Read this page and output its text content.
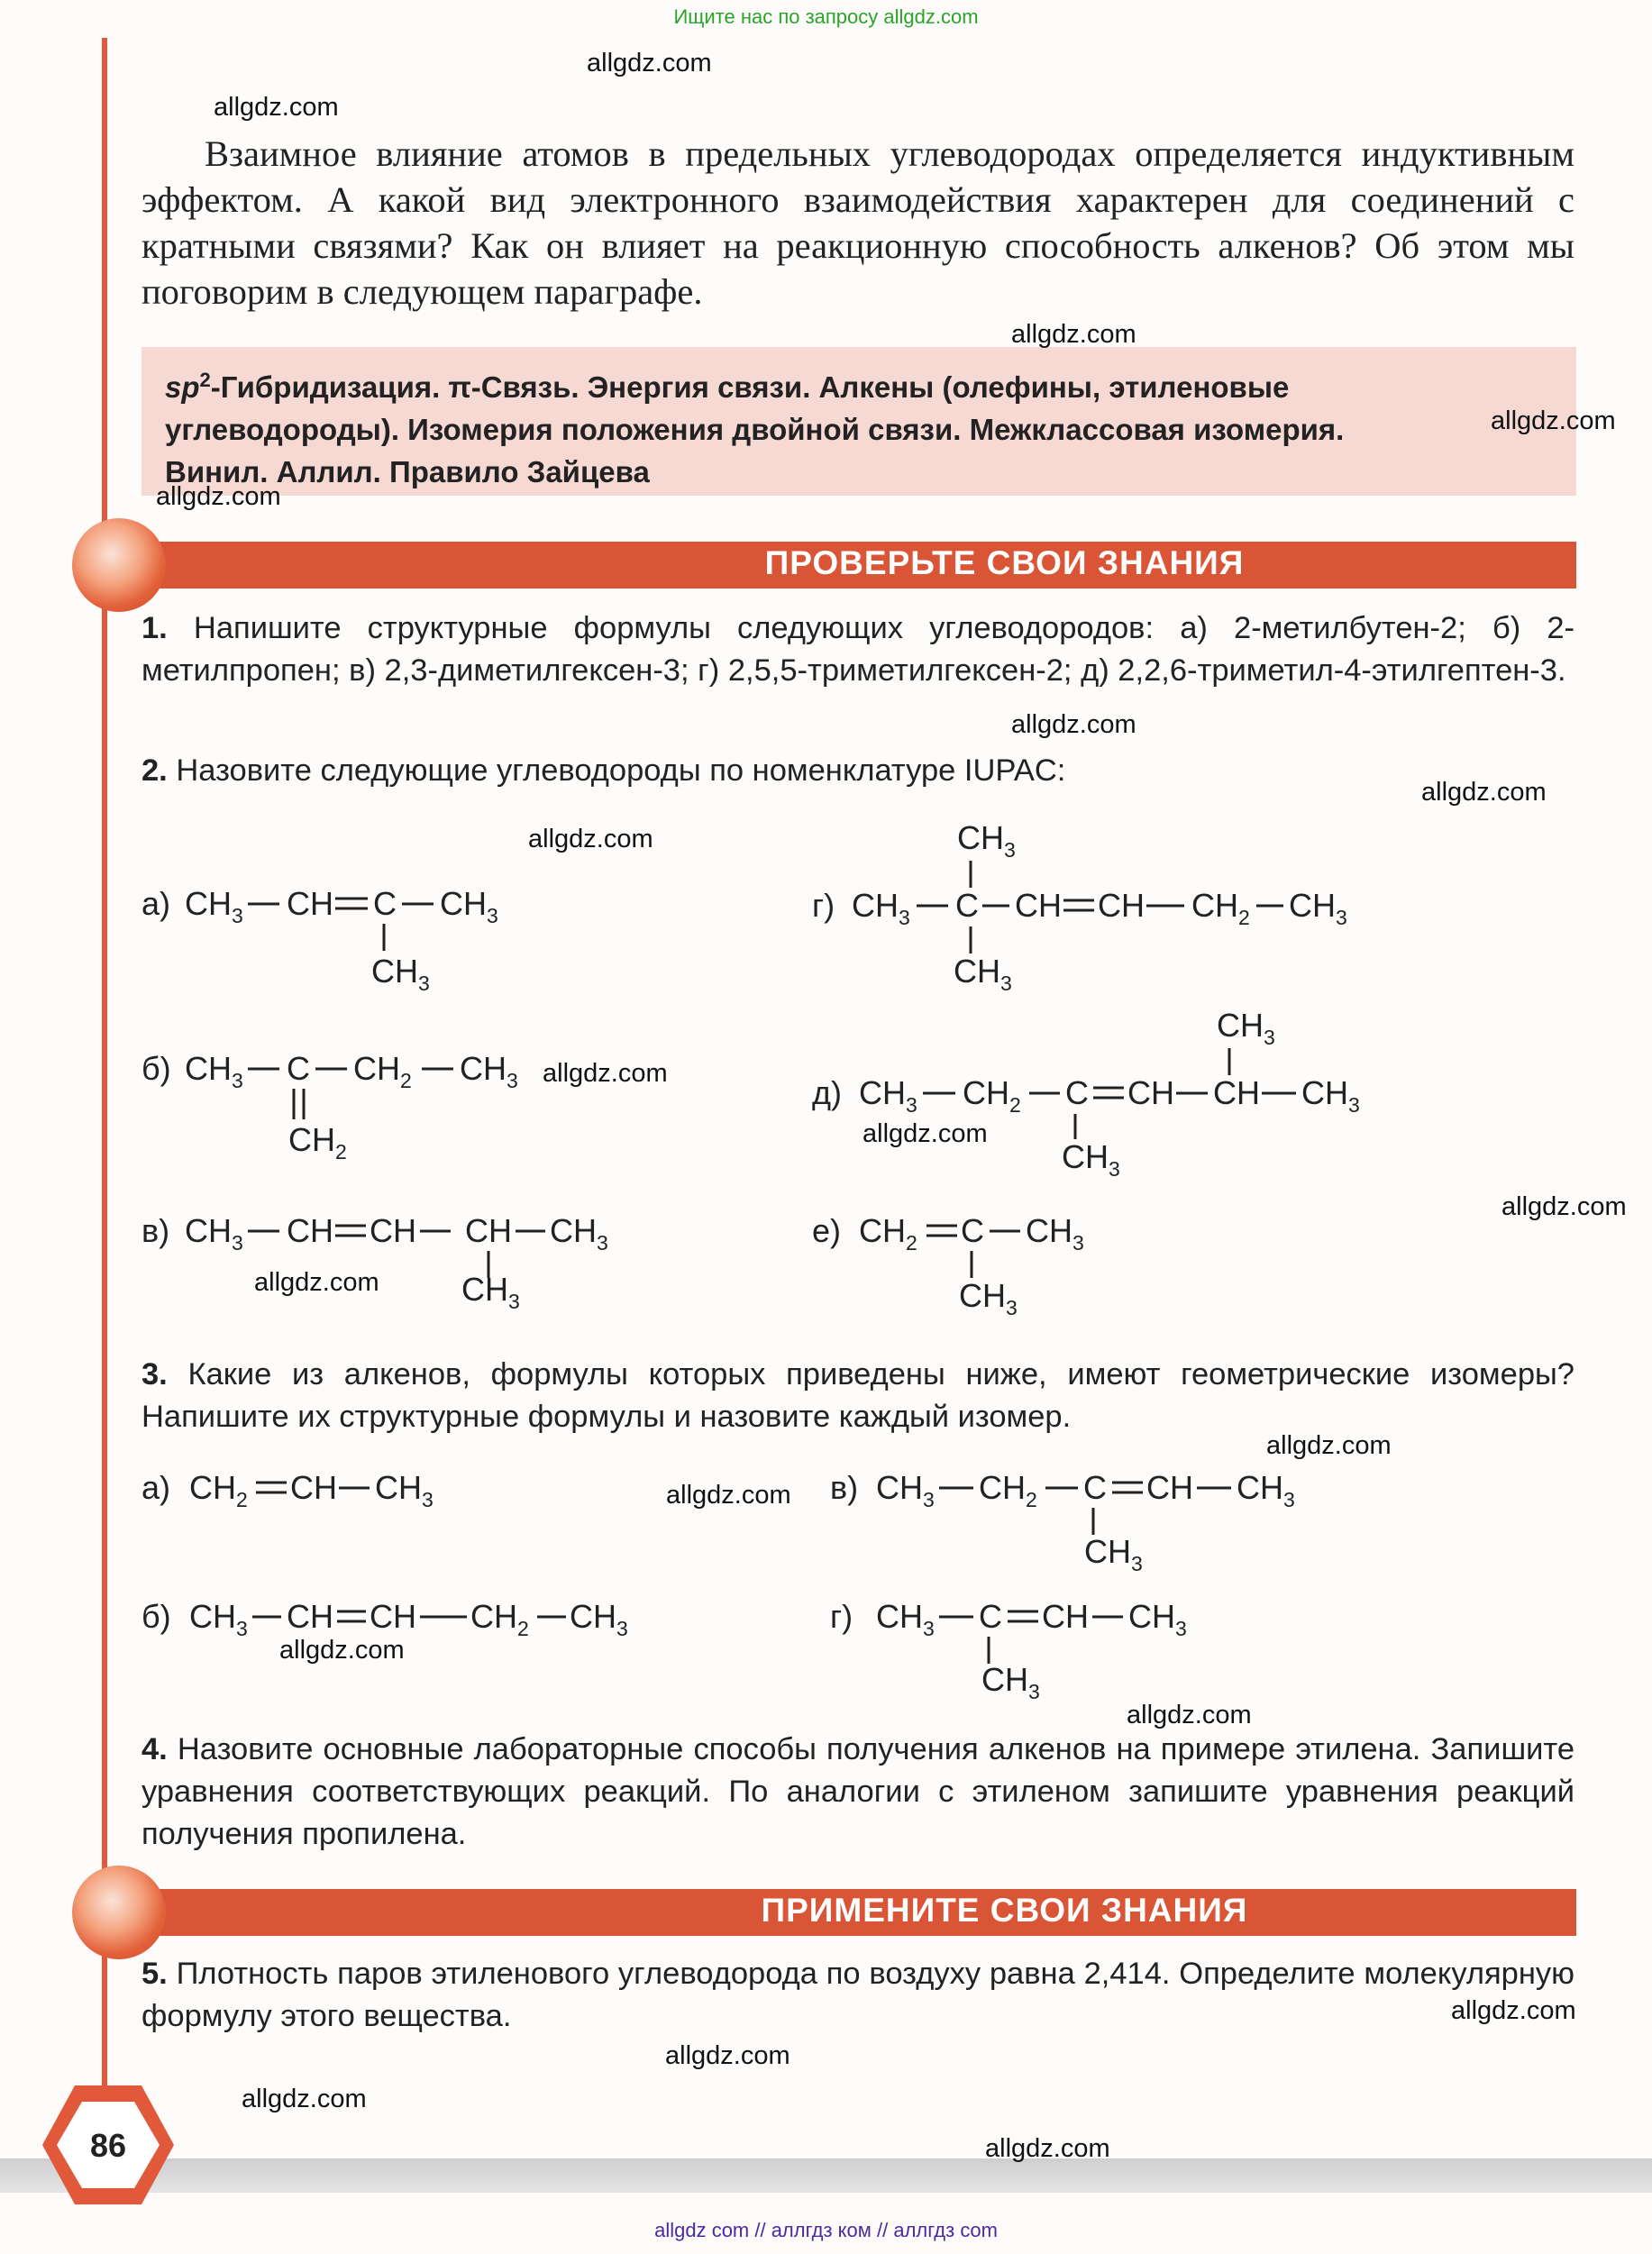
Ищите нас по запросу allgdz.com
allgdz com // аллгдз ком // аллгдз сom
Взаимное влияние атомов в предельных углеводородах определяется индуктивным эффектом. А какой вид электронного взаимодействия характерен для соединений с кратными связями? Как он влияет на реакционную способность алкенов? Об этом мы поговорим в следующем параграфе.
$sp^2$-Гибридизация. π-Связь. Энергия связи. Алкены (олефины, этиленовые углеводороды). Изомерия положения двойной связи. Межклассовая изомерия. Винил. Аллил. Правило Зайцева
ПРОВЕРЬТЕ СВОИ ЗНАНИЯ
1. Напишите структурные формулы следующих углеводородов: а) 2-метилбутен-2; б) 2-метилпропен; в) 2,3-диметилгексен-3; г) 2,5,5-триметилгексен-2; д) 2,2,6-триметил-4-этилгептен-3.
2. Назовите следующие углеводороды по номенклатуре IUPAC:
а) $CH_3$ CH C $CH_3$
$CH_3$
б) $CH_3$ C $CH_2$ $CH_3$
$CH_2$
в) $CH_3$ CH CH CH $CH_3$
$CH_3$
$CH_3$
г) $CH_3$ C CH CH $CH_2$ $CH_3$
$CH_3$
$CH_3$
д) $CH_3$ $CH_2$ C CH CH $CH_3$
$CH_3$
е) $CH_2$ C $CH_3$
$CH_3$
а) $CH_2$ CH $CH_3$
б) $CH_3$ CH CH $CH_2$ $CH_3$
в) $CH_3$ $CH_2$ C CH $CH_3$
$CH_3$
г) $CH_3$ C CH $CH_3$
$CH_3$
3. Какие из алкенов, формулы которых приведены ниже, имеют геометрические изомеры? Напишите их структурные формулы и назовите каждый изомер.
4. Назовите основные лабораторные способы получения алкенов на примере этилена. Запишите уравнения соответствующих реакций. По аналогии с этиленом запишите уравнения реакций получения пропилена.
ПРИМЕНИТЕ СВОИ ЗНАНИЯ
5. Плотность паров этиленового углеводорода по воздуху равна 2,414. Определите молекулярную формулу этого вещества.
86
allgdz.com
allgdz.com
allgdz.com
allgdz.com
allgdz.com
allgdz.com
allgdz.com
allgdz.com
allgdz.com
allgdz.com
allgdz.com
allgdz.com
allgdz.com
allgdz.com
allgdz.com
allgdz.com
allgdz.com
allgdz.com
allgdz.com
allgdz.com
